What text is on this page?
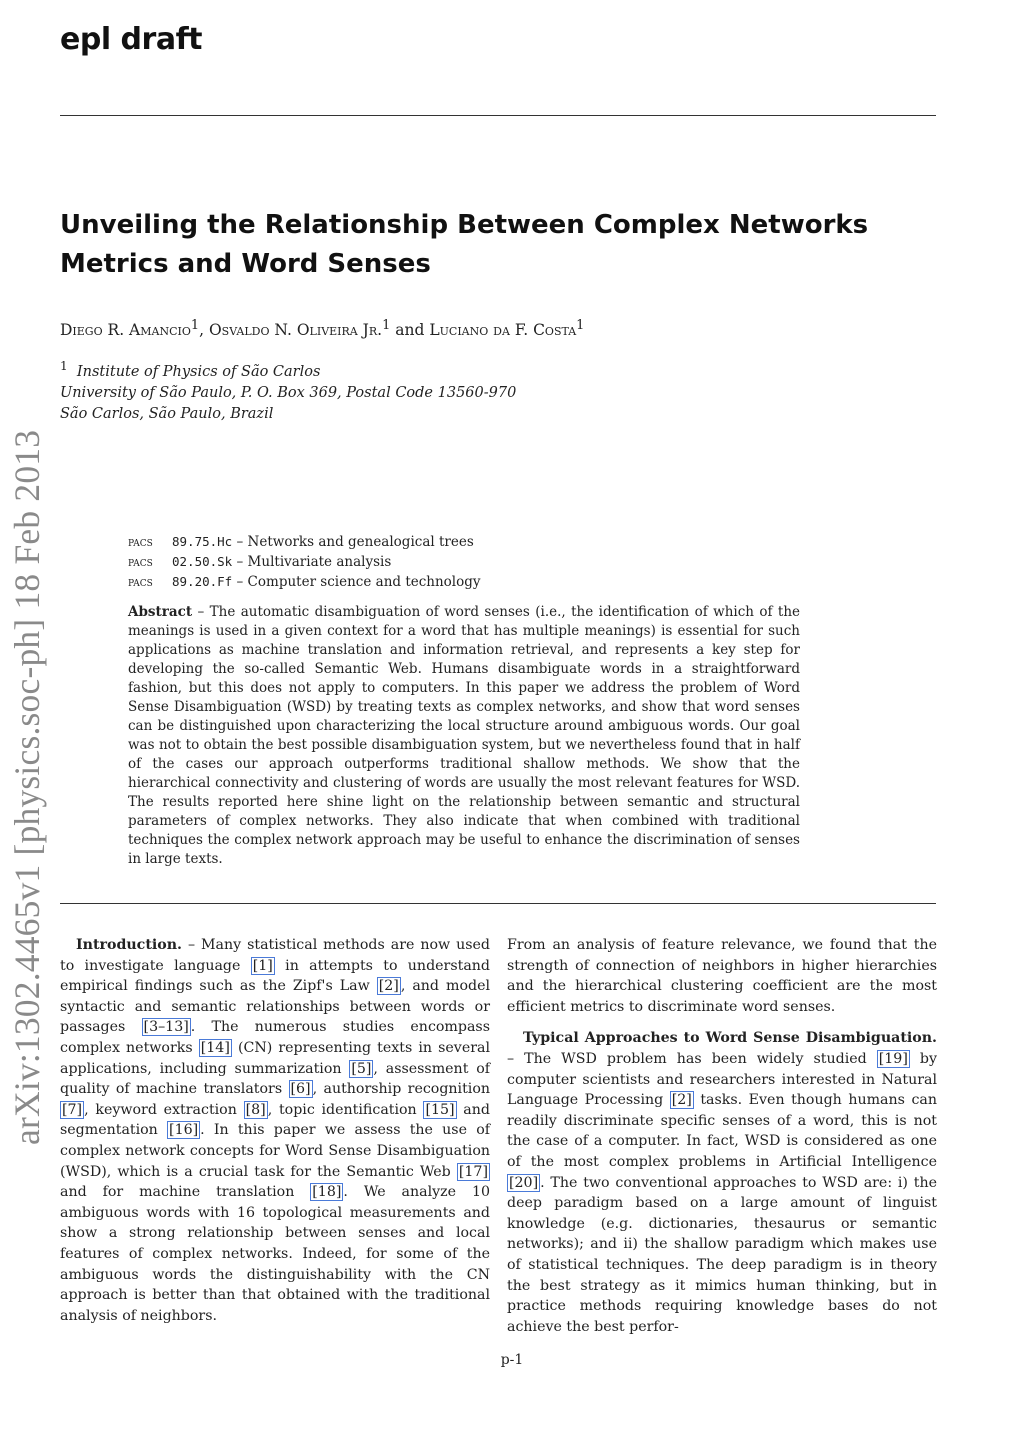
epl draft
Unveiling the Relationship Between Complex Networks Metrics and Word Senses
Diego R. Amancio$^1$, Osvaldo N. Oliveira Jr.$^1$ and Luciano da F. Costa$^1$
$^1$ Institute of Physics of São Carlos
University of São Paulo, P. O. Box 369, Postal Code 13560-970
São Carlos, São Paulo, Brazil
arXiv:1302.4465v1 [physics.soc-ph] 18 Feb 2013	pacs 89.75.Hc – Networks and genealogical trees
pacs 02.50.Sk – Multivariate analysis
pacs 89.20.Ff – Computer science and technology
Abstract – The automatic disambiguation of word senses (i.e., the identification of which of the meanings is used in a given context for a word that has multiple meanings) is essential for such applications as machine translation and information retrieval, and represents a key step for developing the so-called Semantic Web. Humans disambiguate words in a straightforward fashion, but this does not apply to computers. In this paper we address the problem of Word Sense Disambiguation (WSD) by treating texts as complex networks, and show that word senses can be distinguished upon characterizing the local structure around ambiguous words. Our goal was not to obtain the best possible disambiguation system, but we nevertheless found that in half of the cases our approach outperforms traditional shallow methods. We show that the hierarchical connectivity and clustering of words are usually the most relevant features for WSD. The results reported here shine light on the relationship between semantic and structural parameters of complex networks. They also indicate that when combined with traditional techniques the complex network approach may be useful to enhance the discrimination of senses in large texts.

Introduction. – Many statistical methods are now used to investigate language [1] in attempts to understand empirical findings such as the Zipf's Law [2] , and model syntactic and semantic relationships between words or passages [3–13] . The numerous studies encompass complex networks [14] (CN) representing texts in several applications, including summarization [5] , assessment of quality of machine translators [6] , authorship recognition [7] , keyword extraction [8] , topic identification [15] and segmentation [16] . In this paper we assess the use of complex network concepts for Word Sense Disambiguation (WSD), which is a crucial task for the Semantic Web [17] and for machine translation [18] . We analyze 10 ambiguous words with 16 topological measurements and show a strong relationship between senses and local features of complex networks. Indeed, for some of the ambiguous words the distinguishability with the CN approach is better than that obtained with the traditional analysis of neighbors.

From an analysis of feature relevance, we found that the strength of connection of neighbors in higher hierarchies and the hierarchical clustering coefficient are the most efficient metrics to discriminate word senses.

Typical Approaches to Word Sense Disambiguation. – The WSD problem has been widely studied [19] by computer scientists and researchers interested in Natural Language Processing [2] tasks. Even though humans can readily discriminate specific senses of a word, this is not the case of a computer. In fact, WSD is considered as one of the most complex problems in Artificial Intelligence [20] . The two conventional approaches to WSD are: i) the deep paradigm based on a large amount of linguist knowledge (e.g. dictionaries, thesaurus or semantic networks); and ii) the shallow paradigm which makes use of statistical techniques. The deep paradigm is in theory the best strategy as it mimics human thinking, but in practice methods requiring knowledge bases do not achieve the best perfor-

p-1
